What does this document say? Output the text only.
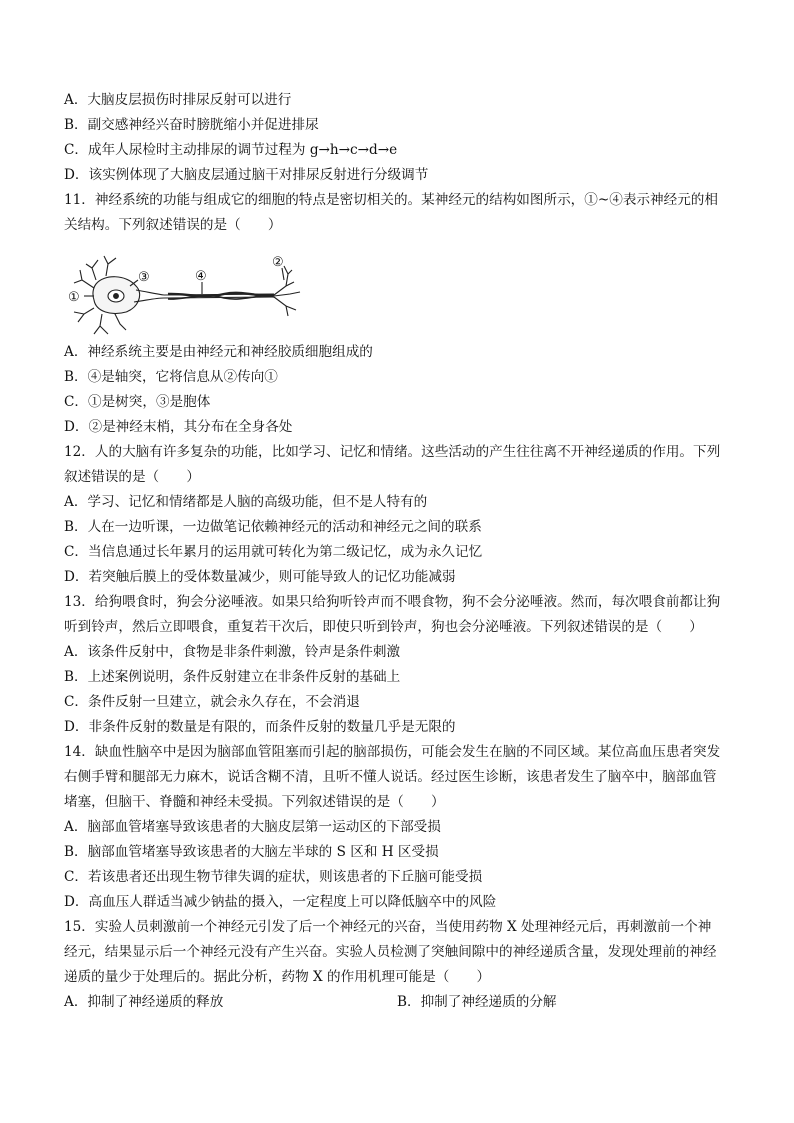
A．大脑皮层损伤时排尿反射可以进行
B．副交感神经兴奋时膀胱缩小并促进排尿
C．成年人尿检时主动排尿的调节过程为 g→h→c→d→e
D．该实例体现了大脑皮层通过脑干对排尿反射进行分级调节
11．神经系统的功能与组成它的细胞的特点是密切相关的。某神经元的结构如图所示，①~④表示神经元的相
关结构。下列叙述错误的是（　　）
①
③	④
②
A．神经系统主要是由神经元和神经胶质细胞组成的
B．④是轴突，它将信息从②传向①
C．①是树突，③是胞体
D．②是神经末梢，其分布在全身各处
12．人的大脑有许多复杂的功能，比如学习、记忆和情绪。这些活动的产生往往离不开神经递质的作用。下列
叙述错误的是（　　）
A．学习、记忆和情绪都是人脑的高级功能，但不是人特有的
B．人在一边听课，一边做笔记依赖神经元的活动和神经元之间的联系
C．当信息通过长年累月的运用就可转化为第二级记忆，成为永久记忆
D．若突触后膜上的受体数量减少，则可能导致人的记忆功能减弱
13．给狗喂食时，狗会分泌唾液。如果只给狗听铃声而不喂食物，狗不会分泌唾液。然而，每次喂食前都让狗
听到铃声，然后立即喂食，重复若干次后，即使只听到铃声，狗也会分泌唾液。下列叙述错误的是（　　）
A．该条件反射中，食物是非条件刺激，铃声是条件刺激
B．上述案例说明，条件反射建立在非条件反射的基础上
C．条件反射一旦建立，就会永久存在，不会消退
D．非条件反射的数量是有限的，而条件反射的数量几乎是无限的
14．缺血性脑卒中是因为脑部血管阻塞而引起的脑部损伤，可能会发生在脑的不同区域。某位高血压患者突发
右侧手臂和腿部无力麻木，说话含糊不清，且听不懂人说话。经过医生诊断，该患者发生了脑卒中，脑部血管
堵塞，但脑干、脊髓和神经未受损。下列叙述错误的是（　　）
A．脑部血管堵塞导致该患者的大脑皮层第一运动区的下部受损
B．脑部血管堵塞导致该患者的大脑左半球的 S 区和 H 区受损
C．若该患者还出现生物节律失调的症状，则该患者的下丘脑可能受损
D．高血压人群适当减少钠盐的摄入，一定程度上可以降低脑卒中的风险
15．实验人员刺激前一个神经元引发了后一个神经元的兴奋，当使用药物 X 处理神经元后，再刺激前一个神
经元，结果显示后一个神经元没有产生兴奋。实验人员检测了突触间隙中的神经递质含量，发现处理前的神经
递质的量少于处理后的。据此分析，药物 X 的作用机理可能是（　　）
A．抑制了神经递质的释放	B．抑制了神经递质的分解
